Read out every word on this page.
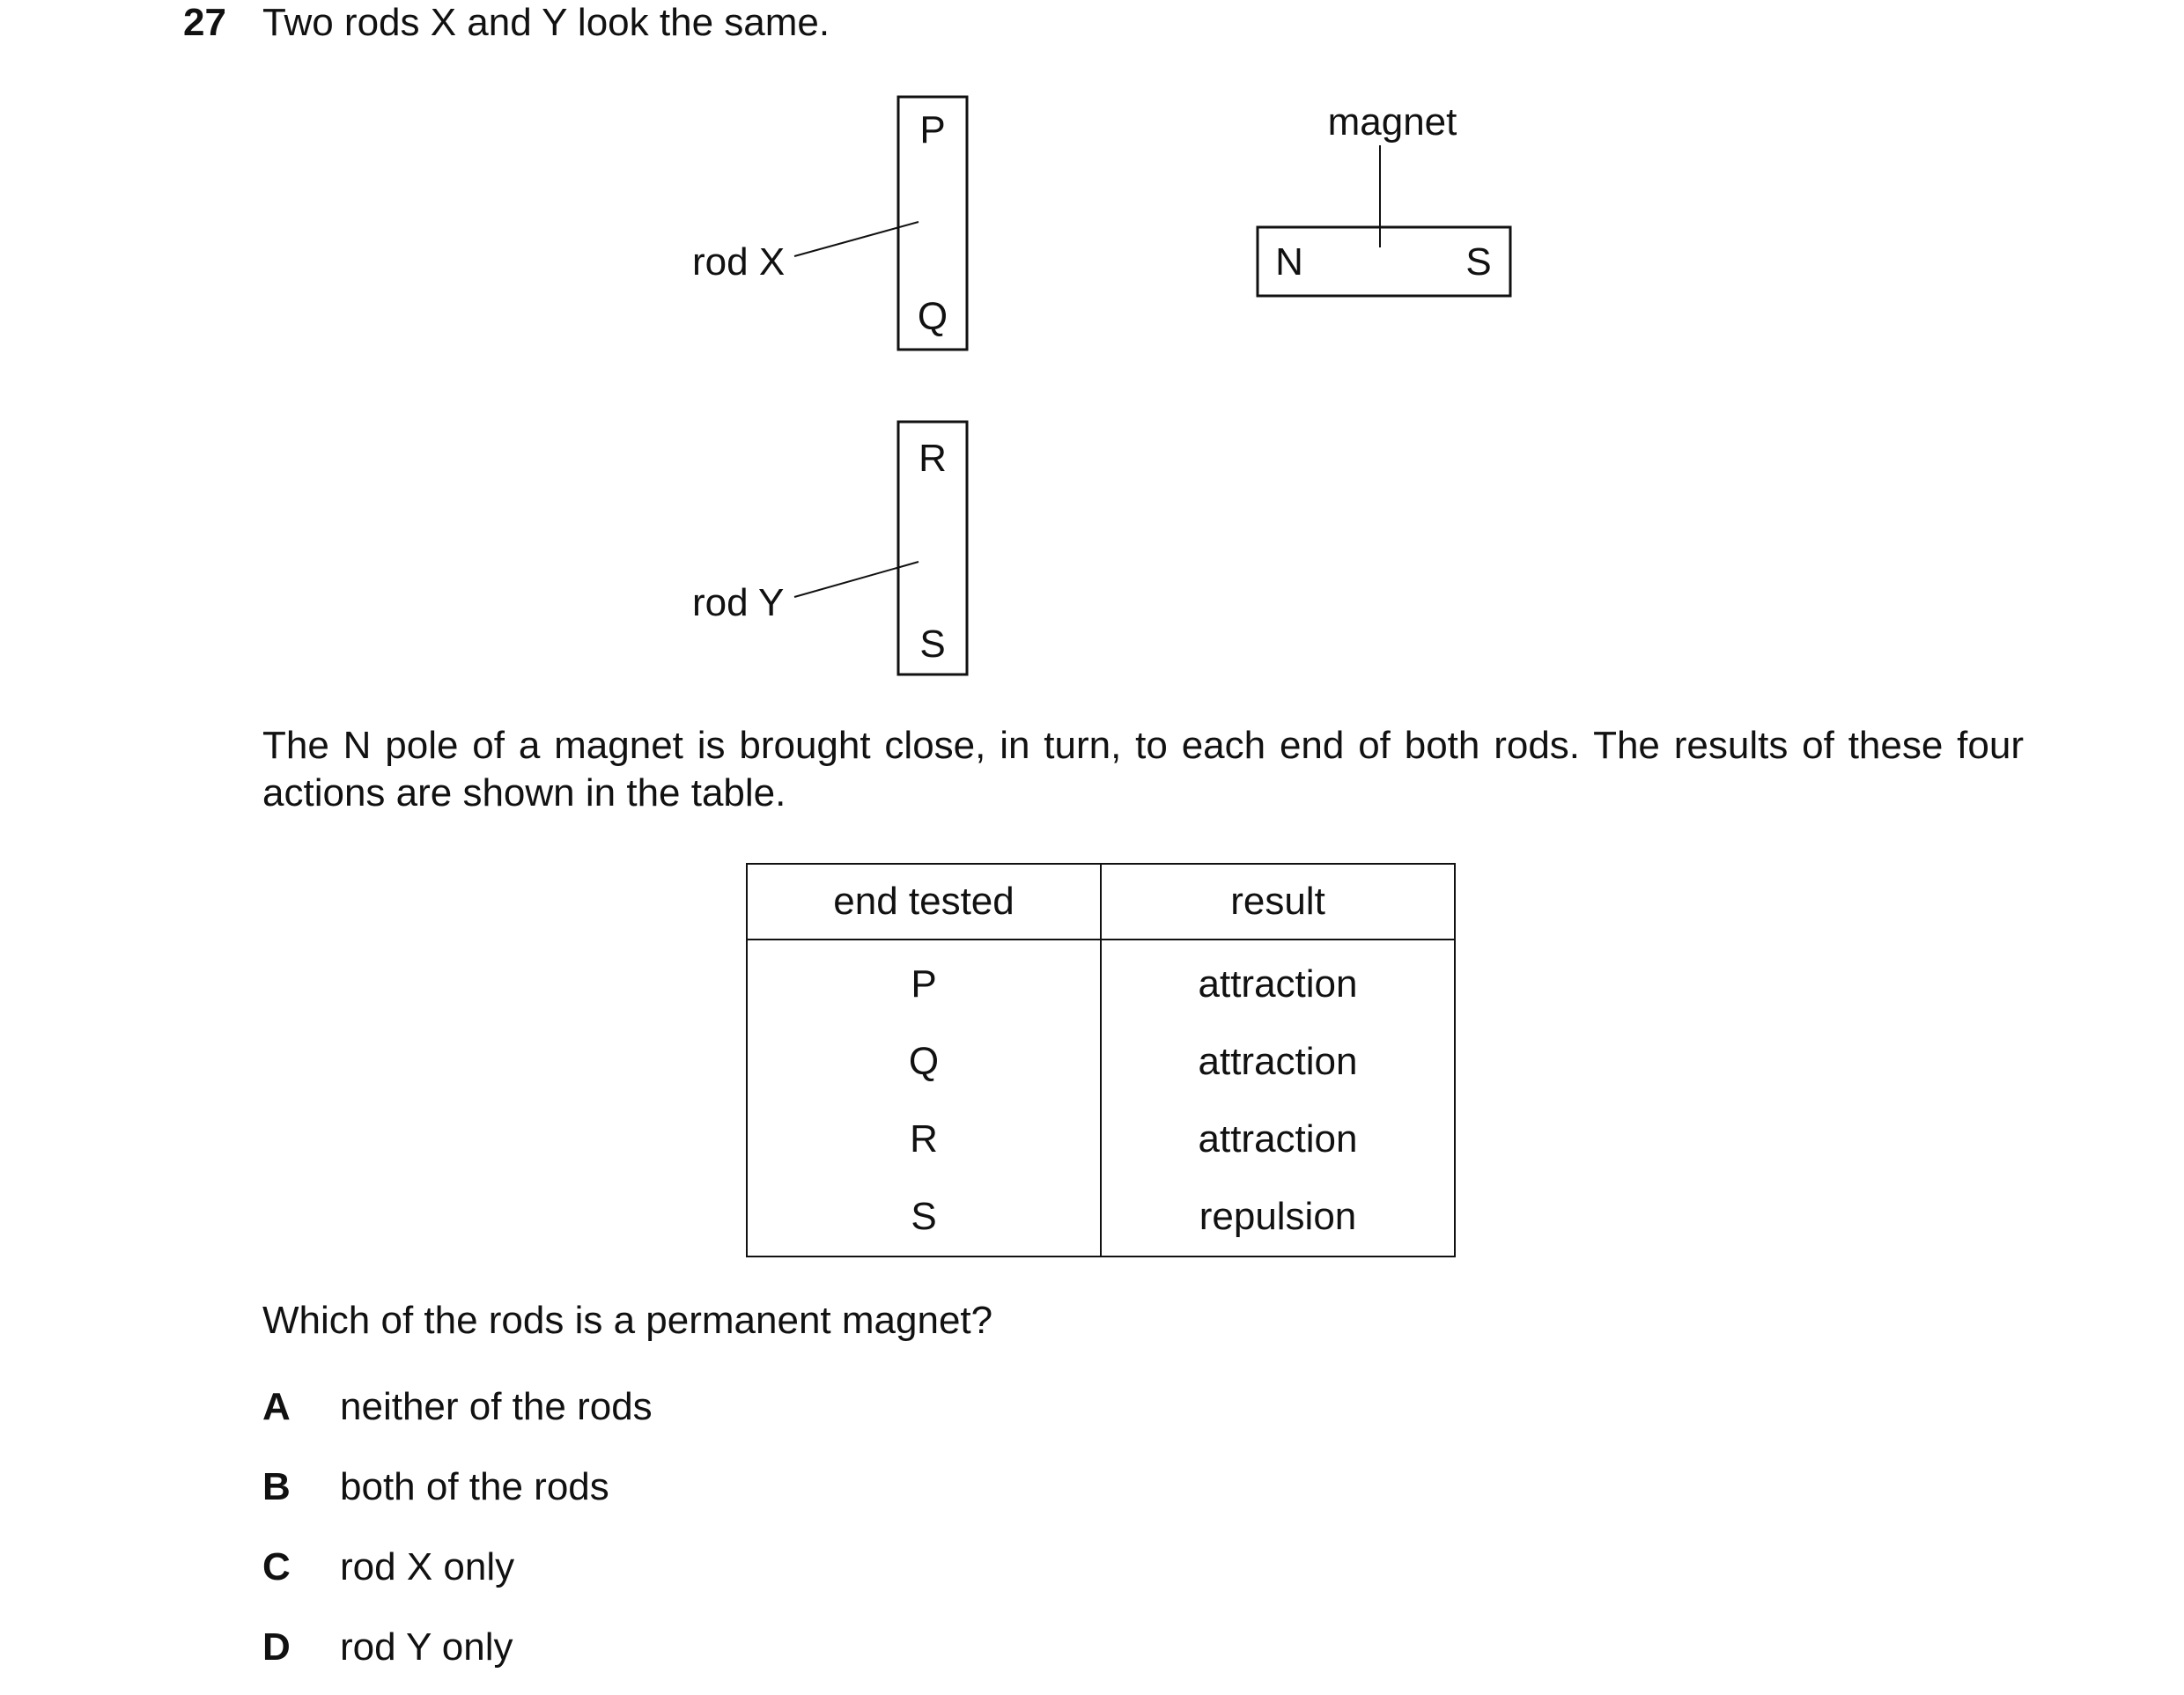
27 Two rods X and Y look the same.
P
Q
rod X
R
S
rod Y
magnet
N	S
The N pole of a magnet is brought close, in turn, to each end of both rods. The results of these four actions are shown in the table.
end tested	result
P	attraction
Q	attraction
R	attraction
S	repulsion
Which of the rods is a permanent magnet?
A neither of the rods
B both of the rods
C rod X only
D rod Y only
